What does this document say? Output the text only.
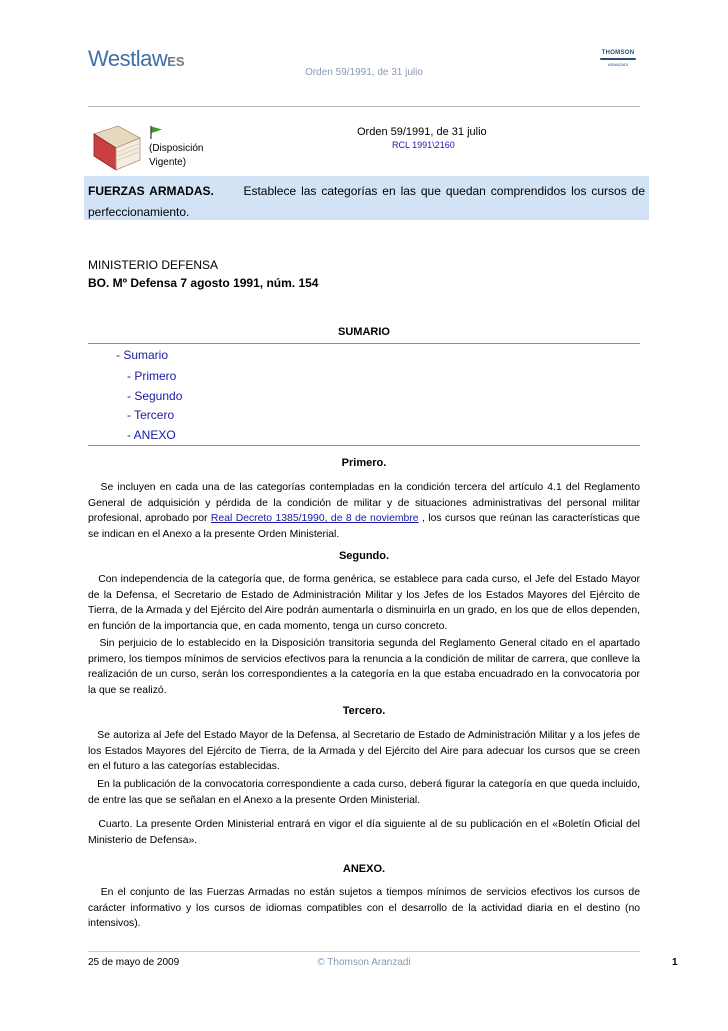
WestlawES
Orden 59/1991, de 31 julio
THOMSON
ARANZADI
(Disposición Vigente)
Orden 59/1991, de 31 julio
RCL 1991\2160

FUERZAS ARMADAS. Establece las categorías en las que quedan comprendidos los cursos de perfeccionamiento.

MINISTERIO DEFENSA
BO. Mº Defensa 7 agosto 1991, núm. 154
SUMARIO
- Sumario
- Primero
- Segundo
- Tercero
- ANEXO
Primero.
Se incluyen en cada una de las categorías contempladas en la condición tercera del artículo 4.1 del Reglamento General de adquisición y pérdida de la condición de militar y de situaciones administrativas del personal militar profesional, aprobado por Real Decreto 1385/1990, de 8 de noviembre , los cursos que reúnan las características que se indican en el Anexo a la presente Orden Ministerial.
Segundo.
Con independencia de la categoría que, de forma genérica, se establece para cada curso, el Jefe del Estado Mayor de la Defensa, el Secretario de Estado de Administración Militar y los Jefes de los Estados Mayores del Ejército de Tierra, de la Armada y del Ejército del Aire podrán aumentarla o disminuirla en un grado, en los que de ellos dependen, en función de la importancia que, en cada momento, tenga un curso concreto.
Sin perjuicio de lo establecido en la Disposición transitoria segunda del Reglamento General citado en el apartado primero, los tiempos mínimos de servicios efectivos para la renuncia a la condición de militar de carrera, que conlleve la realización de un curso, serán los correspondientes a la categoría en la que estaba encuadrado en la convocatoria por la que se realizó.
Tercero.
Se autoriza al Jefe del Estado Mayor de la Defensa, al Secretario de Estado de Administración Militar y a los jefes de los Estados Mayores del Ejército de Tierra, de la Armada y del Ejército del Aire para adecuar los cursos que se creen en el futuro a las categorías establecidas.
En la publicación de la convocatoria correspondiente a cada curso, deberá figurar la categoría en que queda incluido, de entre las que se señalan en el Anexo a la presente Orden Ministerial.
Cuarto. La presente Orden Ministerial entrará en vigor el día siguiente al de su publicación en el «Boletín Oficial del Ministerio de Defensa».
ANEXO.
En el conjunto de las Fuerzas Armadas no están sujetos a tiempos mínimos de servicios efectivos los cursos de carácter informativo y los cursos de idiomas compatibles con el desarrollo de la actividad diaria en el destino (no intensivos).
25 de mayo de 2009	© Thomson Aranzadi	1
